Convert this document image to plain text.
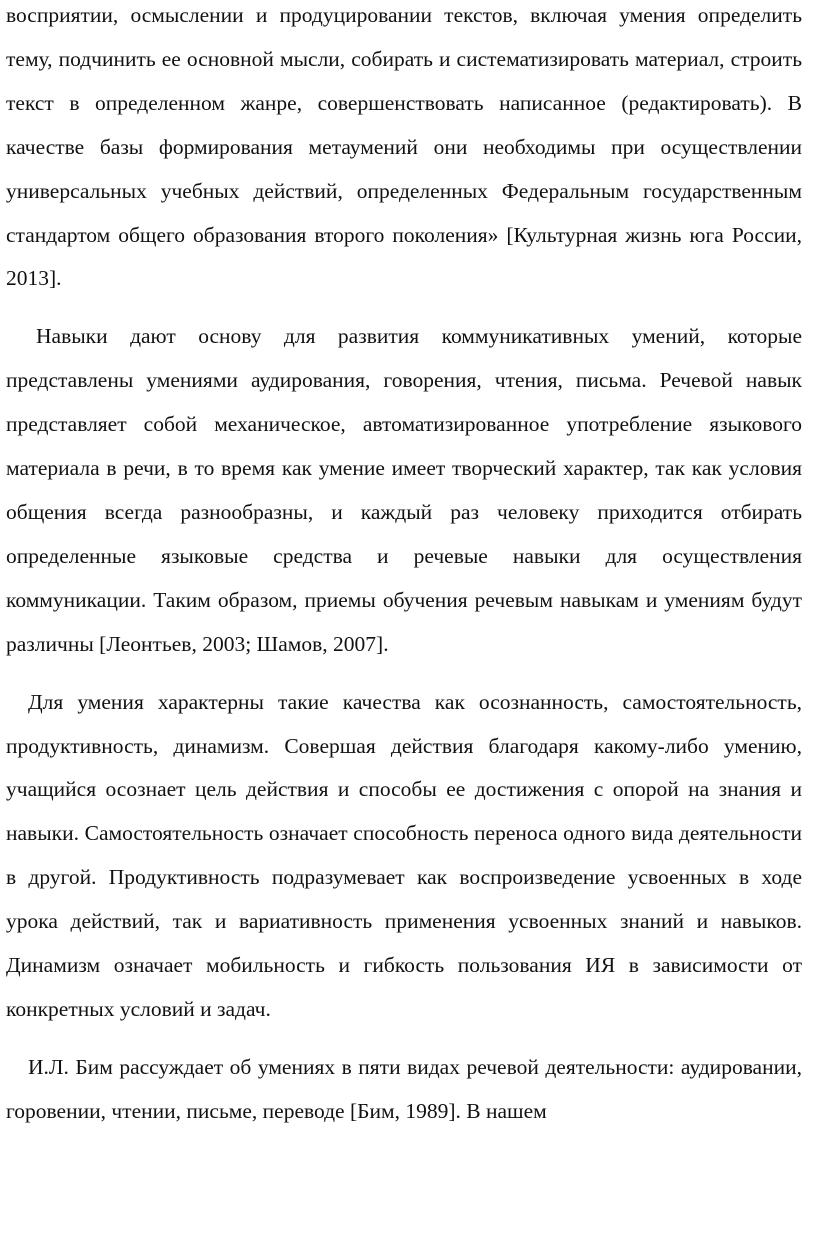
восприятии, осмыслении и продуцировании текстов, включая умения определить тему, подчинить ее основной мысли, собирать и систематизировать материал, строить текст в определенном жанре, совершенствовать написанное (редактировать). В качестве базы формирования метаумений они необходимы при осуществлении универсальных учебных действий, определенных Федеральным государственным стандартом общего образования второго поколения» [Культурная жизнь юга России, 2013].

Навыки дают основу для развития коммуникативных умений, которые представлены умениями аудирования, говорения, чтения, письма. Речевой навык представляет собой механическое, автоматизированное употребление языкового материала в речи, в то время как умение имеет творческий характер, так как условия общения всегда разнообразны, и каждый раз человеку приходится отбирать определенные языковые средства и речевые навыки для осуществления коммуникации. Таким образом, приемы обучения речевым навыкам и умениям будут различны [Леонтьев, 2003; Шамов, 2007].

Для умения характерны такие качества как осознанность, самостоятельность, продуктивность, динамизм. Совершая действия благодаря какому-либо умению, учащийся осознает цель действия и способы ее достижения с опорой на знания и навыки. Самостоятельность означает способность переноса одного вида деятельности в другой. Продуктивность подразумевает как воспроизведение усвоенных в ходе урока действий, так и вариативность применения усвоенных знаний и навыков. Динамизм означает мобильность и гибкость пользования ИЯ в зависимости от конкретных условий и задач.

И.Л. Бим рассуждает об умениях в пяти видах речевой деятельности: аудировании, горовении, чтении, письме, переводе [Бим, 1989]. В нашем
